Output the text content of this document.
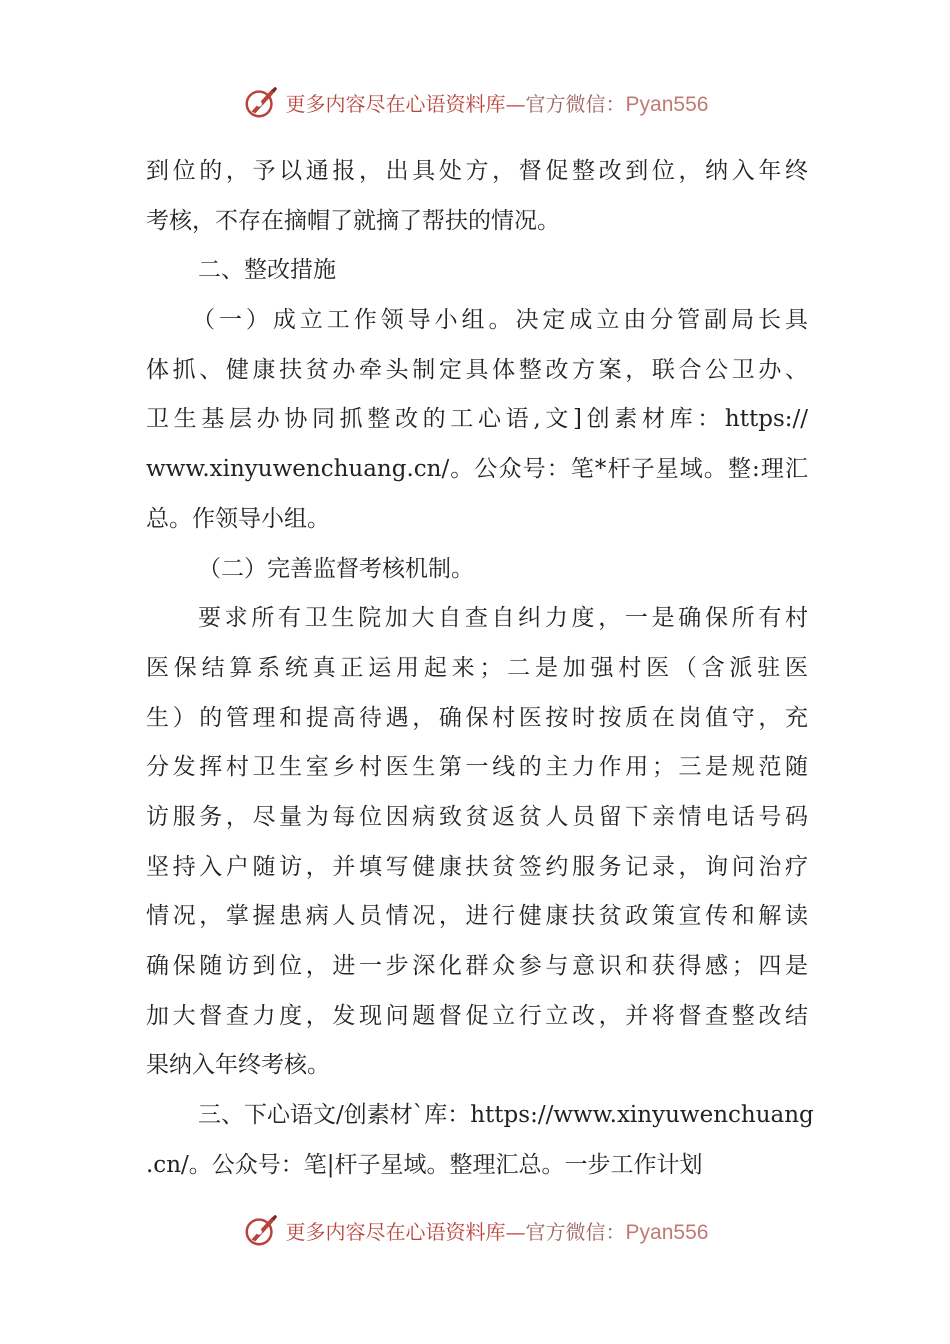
更多内容尽在心语资料库—官方微信：Pyan556
到位的，予以通报，出具处方，督促整改到位，纳入年终
考核，不存在摘帽了就摘了帮扶的情况。
二、整改措施
（一）成立工作领导小组。决定成立由分管副局长具
体抓、健康扶贫办牵头制定具体整改方案，联合公卫办、
卫生基层办协同抓整改的工心语,文]创素材库：https://
www.xinyuwenchuang.cn/。公众号：笔*杆子星域。整:理汇
总。作领导小组。
（二）完善监督考核机制。
要求所有卫生院加大自查自纠力度，一是确保所有村
医保结算系统真正运用起来；二是加强村医（含派驻医
生）的管理和提高待遇，确保村医按时按质在岗值守，充
分发挥村卫生室乡村医生第一线的主力作用；三是规范随
访服务，尽量为每位因病致贫返贫人员留下亲情电话号码
坚持入户随访，并填写健康扶贫签约服务记录，询问治疗
情况，掌握患病人员情况，进行健康扶贫政策宣传和解读
确保随访到位，进一步深化群众参与意识和获得感；四是
加大督查力度，发现问题督促立行立改，并将督查整改结
果纳入年终考核。
三、下心语文/创素材`库：https://www.xinyuwenchuang
.cn/。公众号：笔|杆子星域。整理汇总。一步工作计划
更多内容尽在心语资料库—官方微信：Pyan556
